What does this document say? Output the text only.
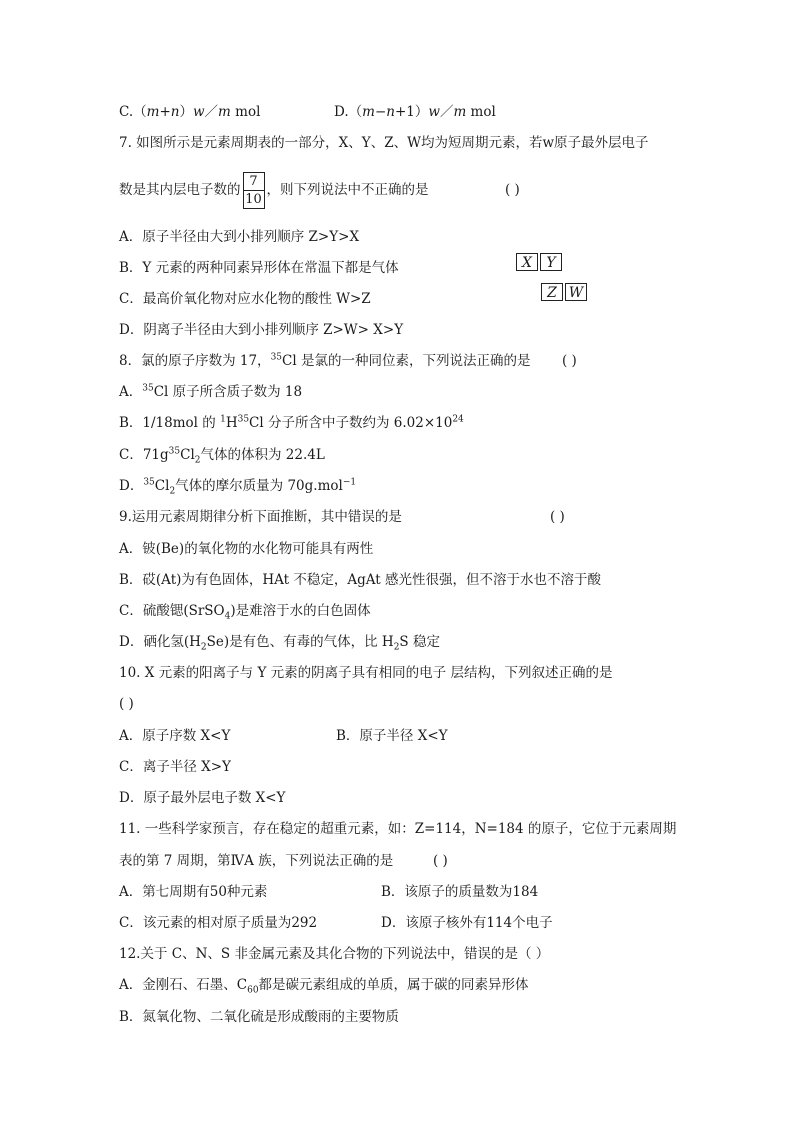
C.（m+n）w／m mol	D.（m−n+1）w／m mol
7. 如图所示是元素周期表的一部分，X、Y、Z、W均为短周期元素，若w原子最外层电子
数是其内层电子数的 $\frac{7}{10}$ ，则下列说法中不正确的是	( )
A．原子半径由大到小排列顺序 Z>Y>X
B．Y 元素的两种同素异形体在常温下都是气体
C．最高价氧化物对应水化物的酸性 W>Z
D．阴离子半径由大到小排列顺序 Z>W> X>Y
X	Y
Z W
8．氯的原子序数为 17，$^{35}$Cl 是氯的一种同位素，下列说法正确的是 ( )
A．$^{35}$Cl 原子所含质子数为 18
B．1/18mol 的 $^1H^{35}Cl$ 分子所含中子数约为 $6.02\times 10^{24}$
C．$71g^{35}Cl_2$气体的体积为 22.4L
D．$^{35}Cl_2$气体的摩尔质量为 70g.mol$^{-1}$
9.运用元素周期律分析下面推断，其中错误的是	( )
A．铍(Be)的氧化物的水化物可能具有两性
B．砹(At)为有色固体，HAt 不稳定，AgAt 感光性很强，但不溶于水也不溶于酸
C．硫酸锶(SrSO$_4$)是难溶于水的白色固体
D．硒化氢$(H_2Se)$是有色、有毒的气体，比 $H_2S$ 稳定
10. X 元素的阳离子与 Y 元素的阴离子具有相同的电子 层结构，下列叙述正确的是
( )
A．原子序数 X<Y	B．原子半径 X<Y
C．离子半径 X>Y
D．原子最外层电子数 X<Y
11. 一些科学家预言，存在稳定的超重元素，如：Z=114，N=184 的原子，它位于元素周期
表的第 7 周期，第ⅣA 族，下列说法正确的是	( )
A．第七周期有50种元素	B．该原子的质量数为184
C．该元素的相对原子质量为292	D．该原子核外有114个电子
12.关于 C、N、S 非金属元素及其化合物的下列说法中，错误的是（ ）
A．金刚石、石墨、$C_{60}$都是碳元素组成的单质，属于碳的同素异形体
B．氮氧化物、二氧化硫是形成酸雨的主要物质
